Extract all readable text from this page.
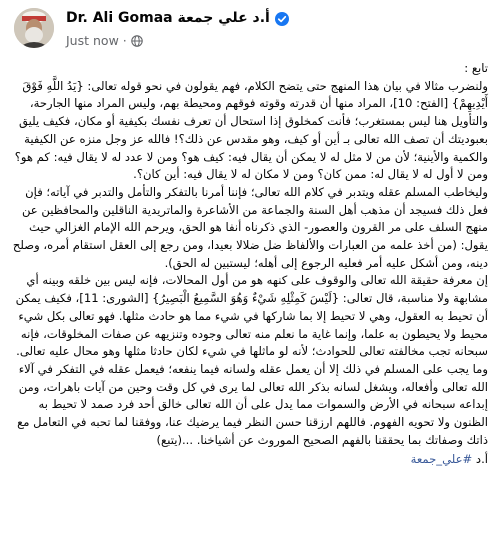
Dr. Ali Gomaa أ.د علي جمعة
Just now ·

تابع :

ولنضرب مثالا في بيان هذا المنهج حتى يتضح الكلام، فهم يقولون في نحو قوله تعالى: {يَدُ اللَّهِ فَوْقَ أَيْدِيهِمْ} [الفتح: 10]، المراد منها أن قدرته وقوته فوقهم ومحيطة بهم، وليس المراد منها الجارحة، والتأويل هنا ليس بمستغرب؛ فأنت كمخلوق إذا استحال أن تعرف نفسك بكيفية أو مكان، فكيف يليق بعبوديتك أن تصف الله تعالى بـ أين أو كيف، وهو مقدس عن ذلك؟! فالله عز وجل منزه عن الكيفية والكمية والأينية؛ لأن من لا مثل له لا يمكن أن يقال فيه: كيف هو؟ ومن لا عدد له لا يقال فيه: كم هو؟ ومن لا أول له لا يقال له: ممن كان؟ ومن لا مكان له لا يقال فيه: أين كان؟.

وليخاطب المسلم عقله ويتدبر في كلام الله تعالى؛ فإننا أمرنا بالتفكر والتأمل والتدبر في آياته؛ فإن فعل ذلك فسيجد أن مذهب أهل السنة والجماعة من الأشاعرة والماتريدية الناقلين والمحافظين عن منهج السلف على مر القرون والعصور- الذي ذكرناه أنفا هو الحق، ويرحم الله الإمام الغزالي حيث يقول: (من أخذ علمه من العبارات والألفاظ ضل ضلالا بعيدا، ومن رجع إلى العقل استقام أمره، وصلح دينه، ومن أشكل عليه أمر فعليه الرجوع إلى أهله؛ ليستبين له الحق).

إن معرفة حقيقة الله تعالى والوقوف على كنهه هو من أول المحالات، فإنه ليس بين خلقه وبينه أي مشابهة ولا مناسبة، قال تعالى: {لَيْسَ كَمِثْلِهِ شَيْءٌ وَهُوَ السَّمِيعُ الْبَصِيرُ} [الشورى: 11]، فكيف يمكن أن تحيط به العقول، وهي لا تحيط إلا بما شاركها في شيء مما هو حادث مثلها. فهو تعالى بكل شيء محيط ولا يحيطون به علما، وإنما غاية ما نعلم منه تعالى وجوده وتنزيهه عن صفات المخلوقات، فإنه سبحانه تجب مخالفته تعالى للحوادث؛ لأنه لو ماثلها في شيء لكان حادثا مثلها وهو محال عليه تعالى.

وما يجب على المسلم في ذلك إلا أن يعمل عقله ولسانه فيما ينفعه؛ فيعمل عقله في التفكر في آلاء الله تعالى وأفعاله، ويشغل لسانه بذكر الله تعالى لما يرى في كل وقت وحين من آيات باهرات، ومن إبداعه سبحانه في الأرض والسموات مما يدل على أن الله تعالى خالق أحد فرد صمد لا تحيط به الظنون ولا تحويه الفهوم. فاللهم ارزقنا حسن النظر فيما يرضيك عنا، ووفقنا لما تحبه في التعامل مع ذاتك وصفاتك بما يحققنا بالفهم الصحيح الموروث عن أشياخنا. ...(يتبع)

أ.د #علي_جمعة
